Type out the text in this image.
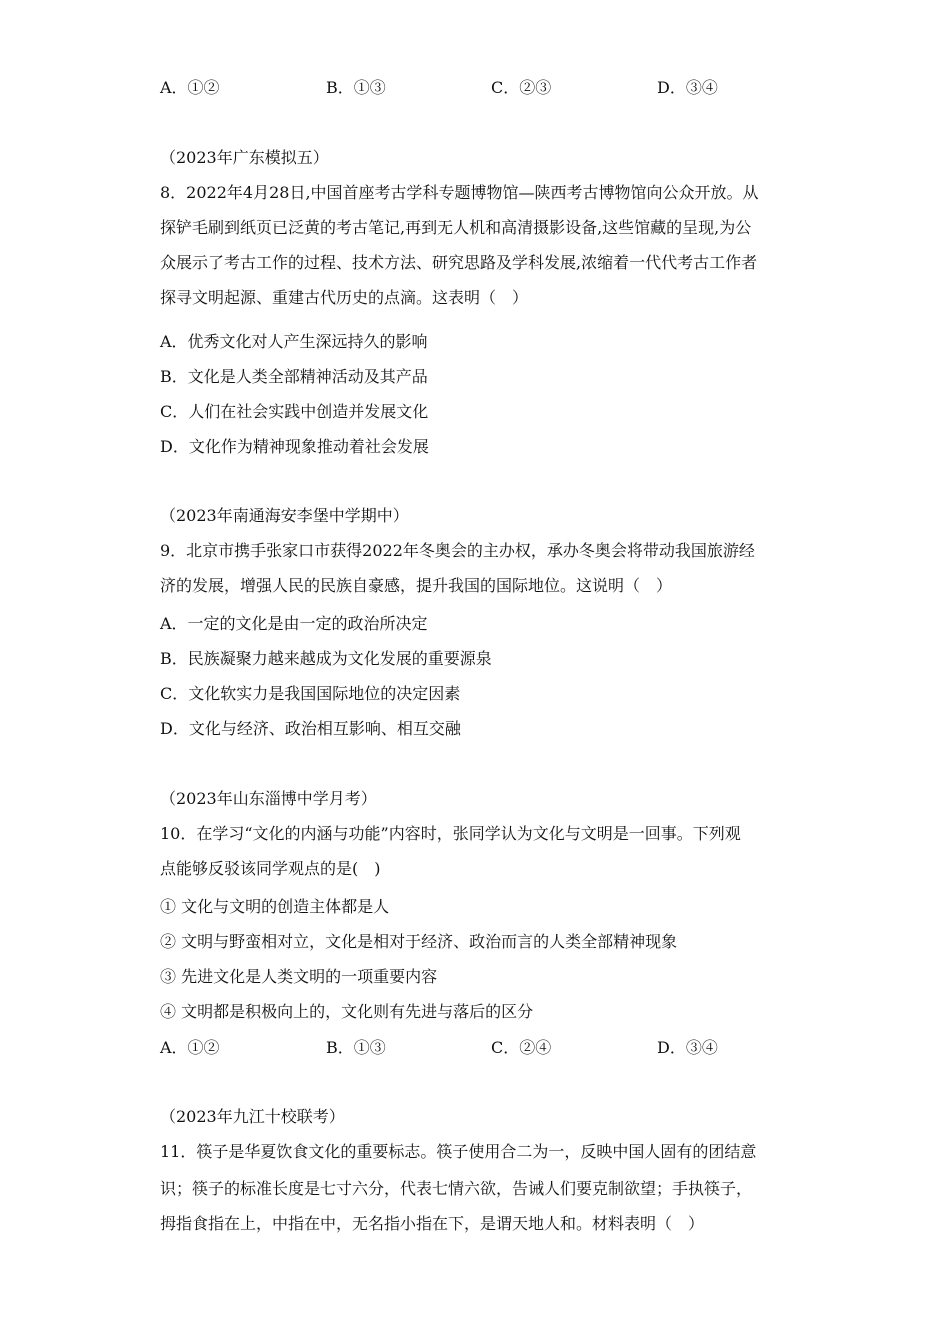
A．①②	B．①③	C．②③	D．③④
（2023年广东模拟五）
8．2022年4月28日,中国首座考古学科专题博物馆—陕西考古博物馆向公众开放。从
探铲毛刷到纸页已泛黄的考古笔记,再到无人机和高清摄影设备,这些馆藏的呈现,为公
众展示了考古工作的过程、技术方法、研究思路及学科发展,浓缩着一代代考古工作者
探寻文明起源、重建古代历史的点滴。这表明（　）
A．优秀文化对人产生深远持久的影响
B．文化是人类全部精神活动及其产品
C．人们在社会实践中创造并发展文化
D．文化作为精神现象推动着社会发展
（2023年南通海安李堡中学期中）
9．北京市携手张家口市获得2022年冬奥会的主办权，承办冬奥会将带动我国旅游经
济的发展，增强人民的民族自豪感，提升我国的国际地位。这说明（　）
A．一定的文化是由一定的政治所决定
B．民族凝聚力越来越成为文化发展的重要源泉
C．文化软实力是我国国际地位的决定因素
D．文化与经济、政治相互影响、相互交融
（2023年山东淄博中学月考）
10．在学习“文化的内涵与功能”内容时，张同学认为文化与文明是一回事。下列观
点能够反驳该同学观点的是(　)
① 文化与文明的创造主体都是人
② 文明与野蛮相对立，文化是相对于经济、政治而言的人类全部精神现象
③ 先进文化是人类文明的一项重要内容
④ 文明都是积极向上的，文化则有先进与落后的区分
A．①②	B．①③	C．②④	D．③④
（2023年九江十校联考）
11．筷子是华夏饮食文化的重要标志。筷子使用合二为一，反映中国人固有的团结意
识；筷子的标准长度是七寸六分，代表七情六欲，告诫人们要克制欲望；手执筷子，
拇指食指在上，中指在中，无名指小指在下，是谓天地人和。材料表明（　）
